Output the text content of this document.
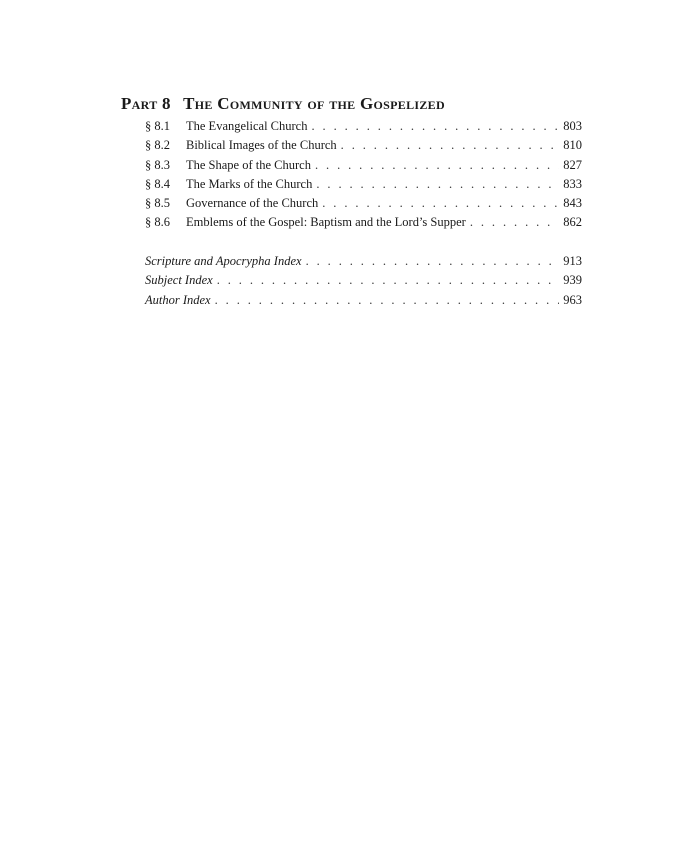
Part 8 The Community of the Gospelized
§ 8.1	The Evangelical Church . . .	803
§ 8.2	Biblical Images of the Church . . .	810
§ 8.3	The Shape of the Church . . .	827
§ 8.4	The Marks of the Church . . .	833
§ 8.5	Governance of the Church . . .	843
§ 8.6	Emblems of the Gospel: Baptism and the Lord’s Supper . . .	862
Scripture and Apocrypha Index . . .	913
Subject Index . . .	939
Author Index . . .	963
